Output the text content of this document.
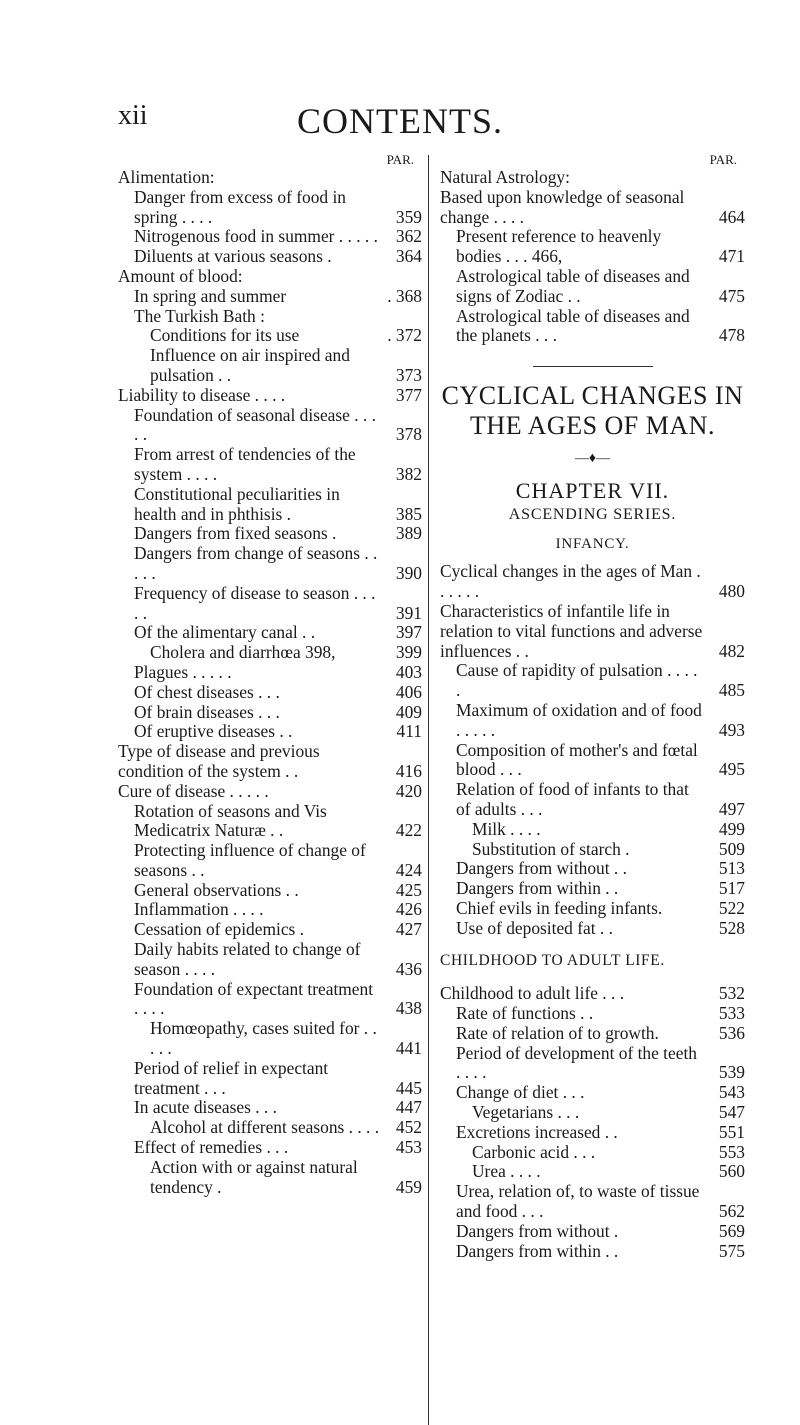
xii	CONTENTS.
PAR.
Alimentation:
Danger from excess of food in spring . . . .	359
Nitrogenous food in summer . . . . .	362
Diluents at various seasons .	364
Amount of blood:
In spring and summer	. 368
The Turkish Bath :
Conditions for its use	. 372
Influence on air inspired and pulsation . .	373
Liability to disease . . . .	377
Foundation of seasonal disease . . . . .	378
From arrest of tendencies of the system . . . .	382
Constitutional peculiarities in health and in phthisis .	385
Dangers from fixed seasons .	389
Dangers from change of seasons . . . . .	390
Frequency of disease to season . . . . .	391
Of the alimentary canal . .	397
Cholera and diarrhœa 398,	399
Plagues . . . . .	403
Of chest diseases . . .	406
Of brain diseases . . .	409
Of eruptive diseases . .	411
Type of disease and previous condition of the system . .	416
Cure of disease . . . . .	420
Rotation of seasons and Vis Medicatrix Naturæ . .	422
Protecting influence of change of seasons . .	424
General observations . .	425
Inflammation . . . .	426
Cessation of epidemics .	427
Daily habits related to change of season . . . .	436
Foundation of expectant treatment . . . .	438
Homœopathy, cases suited for . . . . .	441
Period of relief in expectant treatment . . .	445
In acute diseases . . .	447
Alcohol at different seasons . . . . 452
Effect of remedies . . .	453
Action with or against natural tendency .	459
PAR.
Natural Astrology:
Based upon knowledge of seasonal change . . . .	464
Present reference to heavenly bodies . . . 466,	471
Astrological table of diseases and signs of Zodiac . .	475
Astrological table of diseases and the planets . . .	478
CYCLICAL CHANGES IN THE AGES OF MAN.
—♦—
CHAPTER VII.
ASCENDING SERIES.
INFANCY.
Cyclical changes in the ages of Man . . . . . .	480
Characteristics of infantile life in relation to vital functions and adverse influences . .	482
Cause of rapidity of pulsation . . . . .	485
Maximum of oxidation and of food . . . . .	493
Composition of mother's and fœtal blood . . .	495
Relation of food of infants to that of adults . . .	497
Milk . . . .	499
Substitution of starch .	509
Dangers from without . .	513
Dangers from within . .	517
Chief evils in feeding infants.	522
Use of deposited fat . .	528
CHILDHOOD TO ADULT LIFE.
Childhood to adult life . . .	532
Rate of functions . .	533
Rate of relation of to growth.	536
Period of development of the teeth . . . .	539
Change of diet . . .	543
Vegetarians . . .	547
Excretions increased . .	551
Carbonic acid . . .	553
Urea . . . .	560
Urea, relation of, to waste of tissue and food . . .	562
Dangers from without .	569
Dangers from within . .	575
